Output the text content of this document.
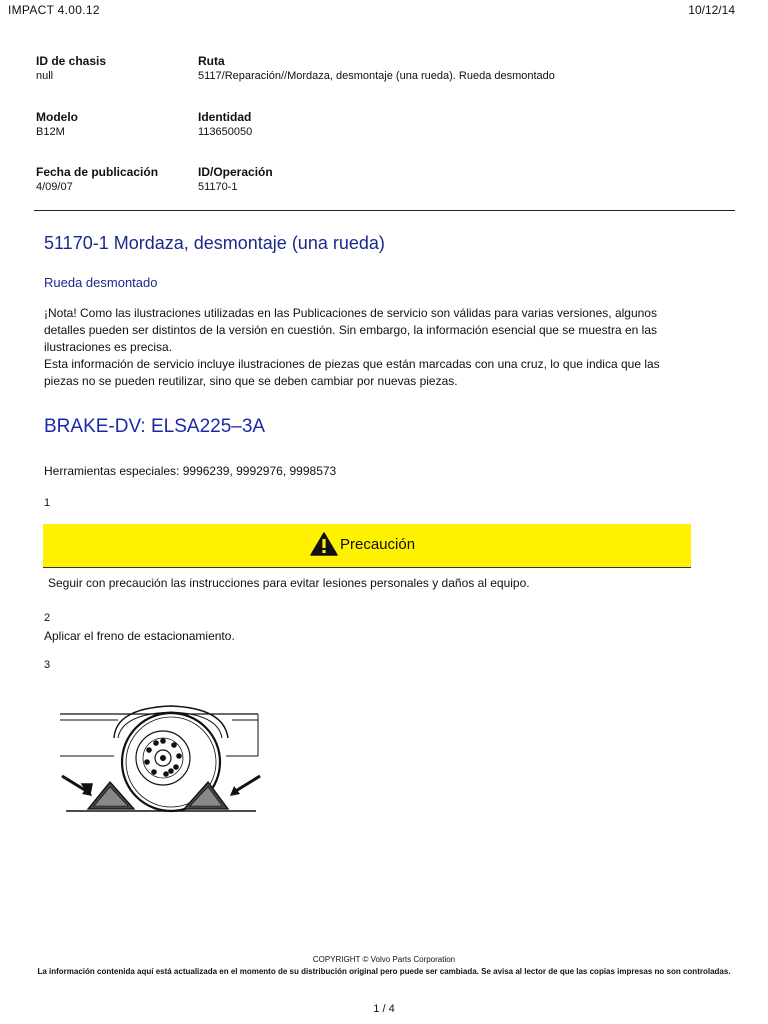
IMPACT 4.00.12	10/12/14
ID de chasis
null
Ruta
5117/Reparación//Mordaza, desmontaje (una rueda). Rueda desmontado
Modelo
B12M
Identidad
113650050
Fecha de publicación
4/09/07
ID/Operación
51170-1
51170-1 Mordaza, desmontaje (una rueda)
Rueda desmontado
¡Nota! Como las ilustraciones utilizadas en las Publicaciones de servicio son válidas para varias versiones, algunos
detalles pueden ser distintos de la versión en cuestión. Sin embargo, la información esencial que se muestra en las
ilustraciones es precisa.
Esta información de servicio incluye ilustraciones de piezas que están marcadas con una cruz, lo que indica que las
piezas no se pueden reutilizar, sino que se deben cambiar por nuevas piezas.
BRAKE-DV: ELSA225–3A
Herramientas especiales: 9996239, 9992976, 9998573
1
Precaución
Seguir con precaución las instrucciones para evitar lesiones personales y daños al equipo.
2
Aplicar el freno de estacionamiento.
3
COPYRIGHT © Volvo Parts Corporation
La información contenida aquí está actualizada en el momento de su distribución original pero puede ser cambiada. Se avisa al lector de que las copias impresas no son controladas.
1 / 4
